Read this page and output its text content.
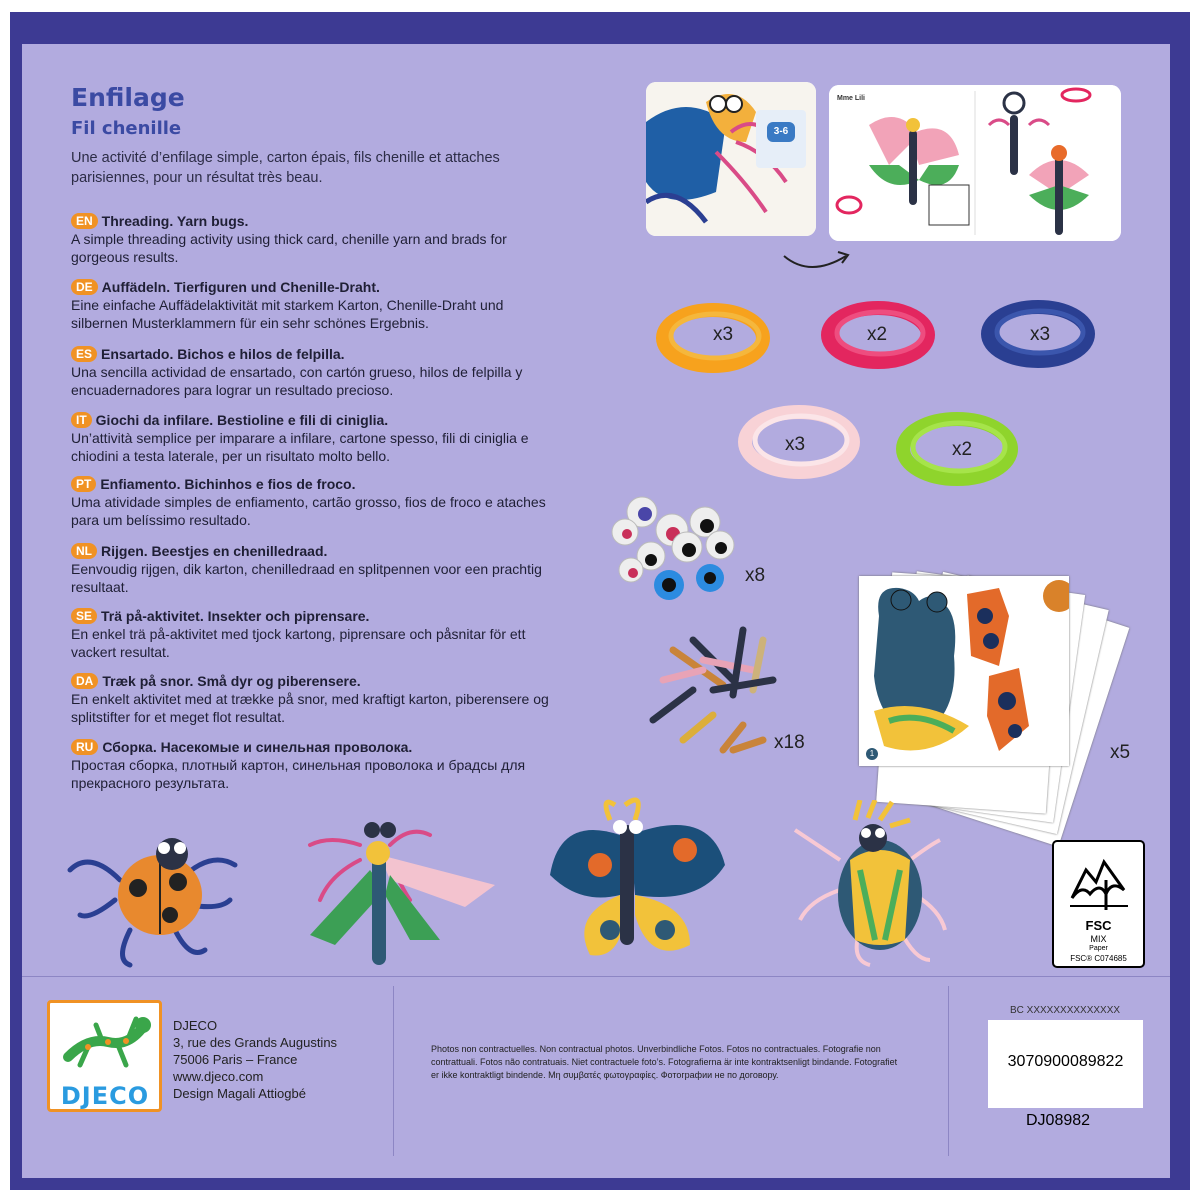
Enfilage
Fil chenille
Une activité d’enfilage simple, carton épais, fils chenille et attaches parisiennes, pour un résultat très beau.
EN Threading. Yarn bugs.
A simple threading activity using thick card, chenille yarn and brads for gorgeous results.
DE Auffädeln. Tierfiguren und Chenille-Draht.
Eine einfache Auffädelaktivität mit starkem Karton, Chenille-Draht und silbernen Musterklammern für ein sehr schönes Ergebnis.
ES Ensartado. Bichos e hilos de felpilla.
Una sencilla actividad de ensartado, con cartón grueso, hilos de felpilla y encuadernadores para lograr un resultado precioso.
IT Giochi da infilare. Bestioline e fili di ciniglia.
Un’attività semplice per imparare a infilare, cartone spesso, fili di ciniglia e chiodini a testa laterale, per un risultato molto bello.
PT Enfiamento. Bichinhos e fios de froco.
Uma atividade simples de enfiamento, cartão grosso, fios de froco e ataches para um belíssimo resultado.
NL Rijgen. Beestjes en chenilledraad.
Eenvoudig rijgen, dik karton, chenilledraad en splitpennen voor een prachtig resultaat.
SE Trä på-aktivitet. Insekter och piprensare.
En enkel trä på-aktivitet med tjock kartong, piprensare och påsnitar för ett vackert resultat.
DA Træk på snor. Små dyr og piberensere.
En enkelt aktivitet med at trække på snor, med kraftigt karton, piberensere og splitstifter for et meget flot resultat.
RU Сборка. Насекомые и синельная проволока.
Простая сборка, плотный картон, синельная проволока и брадсы для прекрасного результата.
3-6
Mme Lili
x3	x2	x3
x3	x2
x8
x18
1	x5
FSC
MIX
Paper
FSC® C074685
DJECO
DJECO
3, rue des Grands Augustins
75006 Paris – France
www.djeco.com
Design Magali Attiogbé
Photos non contractuelles. Non contractual photos. Unverbindliche Fotos. Fotos no contractuales. Fotografie non contrattuali. Fotos não contratuais. Niet contractuele foto’s. Fotografierna är inte kontraktsenligt bindande. Fotografiet er ikke kontraktligt bindende. Μη συμβατές φωτογραφίες. Фотографии не по договору.
BC XXXXXXXXXXXXXX
3070900089822
DJ08982
